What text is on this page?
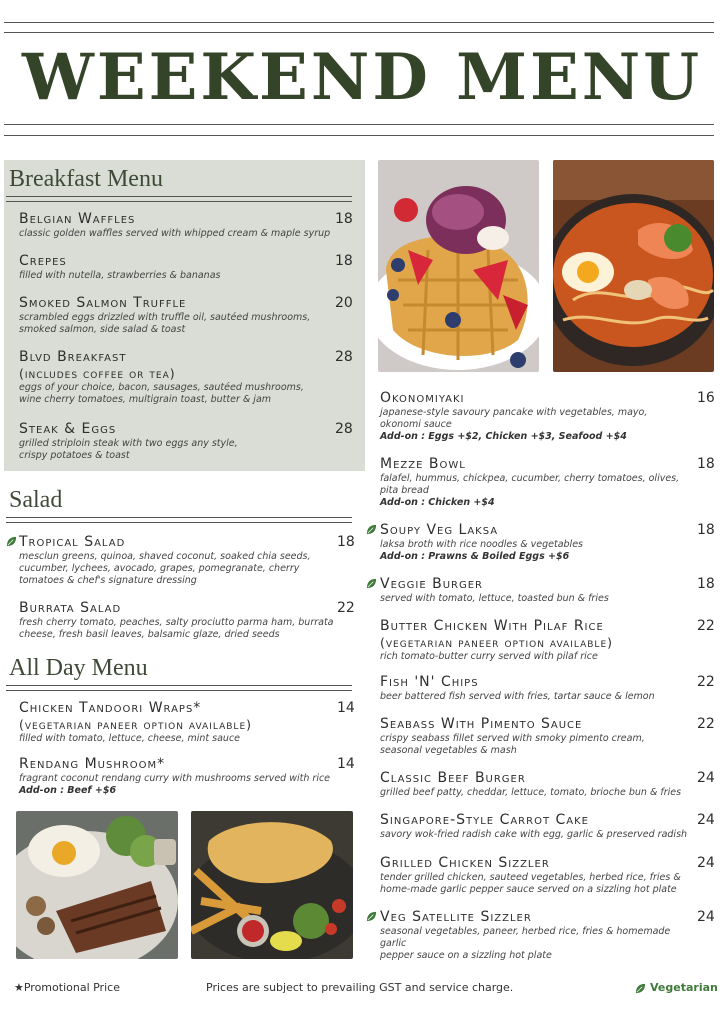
WEEKEND MENU
Breakfast Menu
Belgian Waffles
classic golden waffles served with whipped cream & maple syrup
18
Crepes
filled with nutella, strawberries & bananas
18
Smoked Salmon Truffle
scrambled eggs drizzled with truffle oil, sautéed mushrooms,
smoked salmon, side salad & toast
20
Blvd Breakfast
(includes coffee or tea)
eggs of your choice, bacon, sausages, sautéed mushrooms,
wine cherry tomatoes, multigrain toast, butter & jam
28
Steak & Eggs
grilled striploin steak with two eggs any style,
crispy potatoes & toast
28
Salad
Tropical Salad
mesclun greens, quinoa, shaved coconut, soaked chia seeds,
cucumber, lychees, avocado, grapes, pomegranate, cherry
tomatoes & chef's signature dressing
18
Burrata Salad
fresh cherry tomato, peaches, salty prociutto parma ham, burrata
cheese, fresh basil leaves, balsamic glaze, dried seeds
22
All Day Menu
Chicken Tandoori Wraps*
(vegetarian paneer option available)
filled with tomato, lettuce, cheese, mint sauce
14
Rendang Mushroom*
fragrant coconut rendang curry with mushrooms served with rice
Add-on : Beef +$6
14
Okonomiyaki
japanese-style savoury pancake with vegetables, mayo,
okonomi sauce
Add-on : Eggs +$2, Chicken +$3, Seafood +$4
16
Mezze Bowl
falafel, hummus, chickpea, cucumber, cherry tomatoes, olives,
pita bread
Add-on : Chicken +$4
18
Soupy Veg Laksa
laksa broth with rice noodles & vegetables
Add-on : Prawns & Boiled Eggs +$6
18
Veggie Burger
served with tomato, lettuce, toasted bun & fries
18
Butter Chicken With Pilaf Rice
(vegetarian paneer option available)
rich tomato-butter curry served with pilaf rice
22
Fish 'N' Chips
beer battered fish served with fries, tartar sauce & lemon
22
Seabass With Pimento Sauce
crispy seabass fillet served with smoky pimento cream,
seasonal vegetables & mash
22
Classic Beef Burger
grilled beef patty, cheddar, lettuce, tomato, brioche bun & fries
24
Singapore-Style Carrot Cake
savory wok-fried radish cake with egg, garlic & preserved radish
24
Grilled Chicken Sizzler
tender grilled chicken, sauteed vegetables, herbed rice, fries &
home-made garlic pepper sauce served on a sizzling hot plate
24
Veg Satellite Sizzler
seasonal vegetables, paneer, herbed rice, fries & homemade garlic
pepper sauce on a sizzling hot plate
24
★Promotional Price	Prices are subject to prevailing GST and service charge.	Vegetarian
